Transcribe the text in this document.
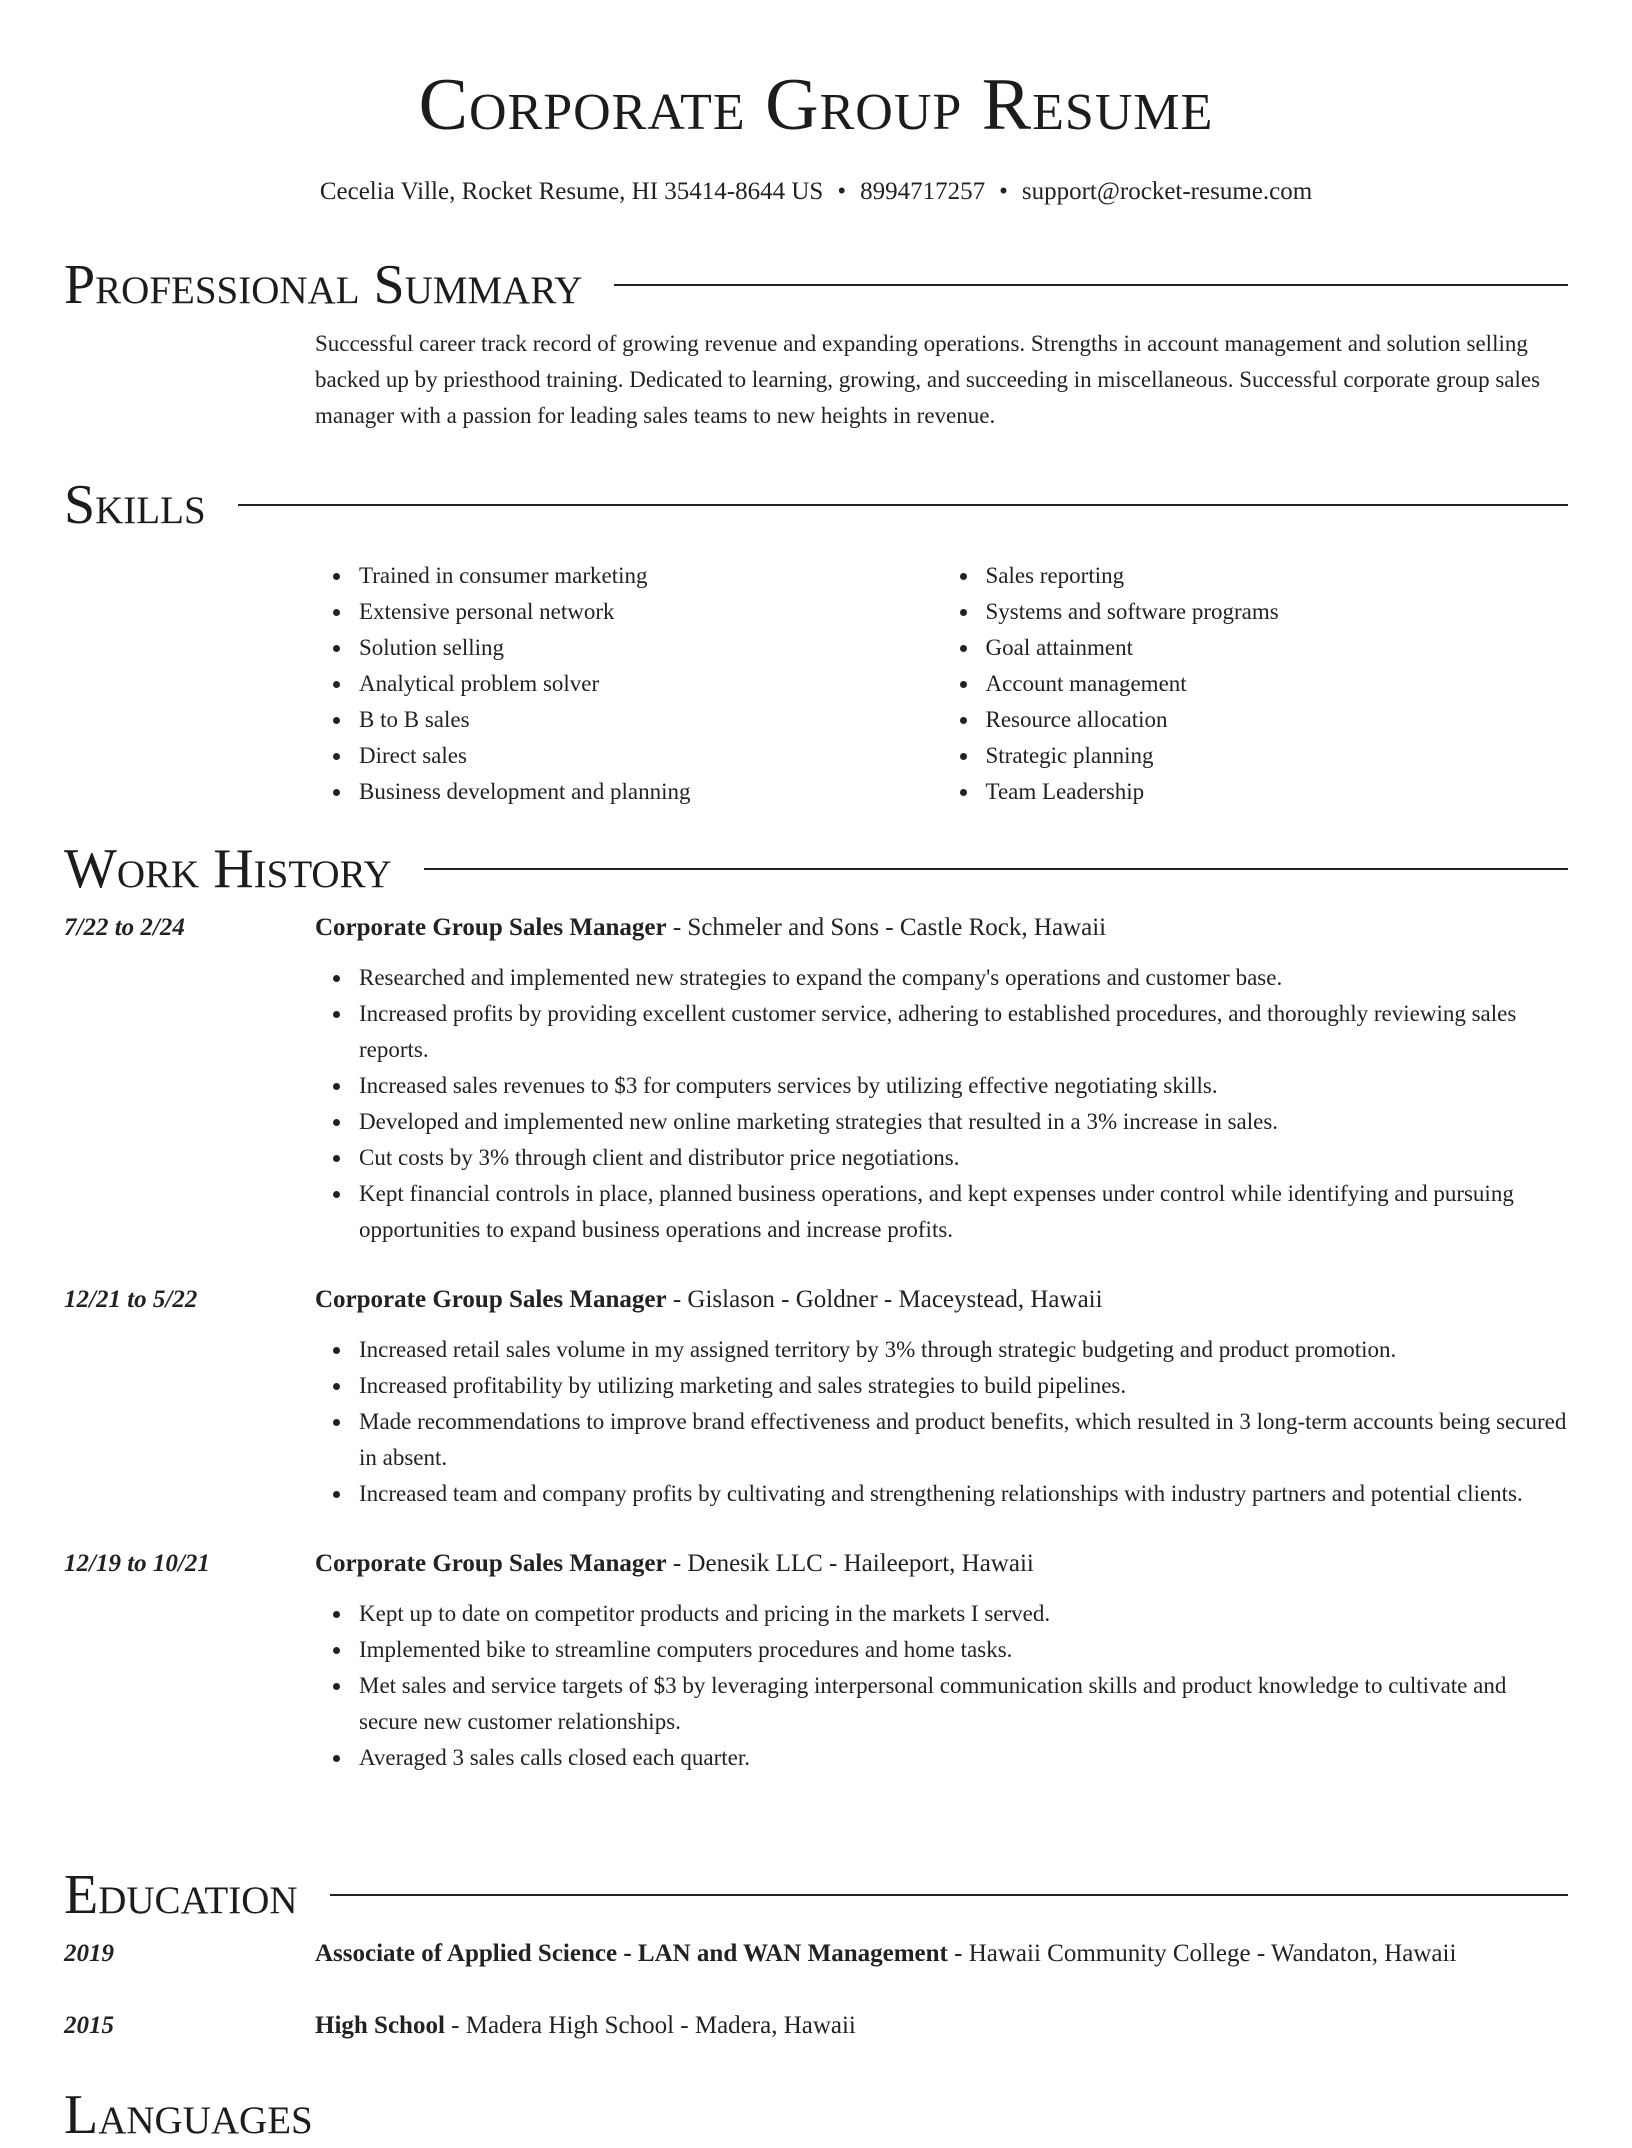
Corporate Group Resume
Cecelia Ville, Rocket Resume, HI 35414-8644 US • 8994717257 • support@rocket-resume.com
Professional Summary

Successful career track record of growing revenue and expanding operations. Strengths in account management and solution selling backed up by priesthood training. Dedicated to learning, growing, and succeeding in miscellaneous. Successful corporate group sales manager with a passion for leading sales teams to new heights in revenue.

Skills
Trained in consumer marketing
Extensive personal network
Solution selling
Analytical problem solver
B to B sales
Direct sales
Business development and planning
Sales reporting
Systems and software programs
Goal attainment
Account management
Resource allocation
Strategic planning
Team Leadership
Work History
7/22 to 2/24	Corporate Group Sales Manager - Schmeler and Sons - Castle Rock, Hawaii
Researched and implemented new strategies to expand the company's operations and customer base.
Increased profits by providing excellent customer service, adhering to established procedures, and thoroughly reviewing sales reports.
Increased sales revenues to $3 for computers services by utilizing effective negotiating skills.
Developed and implemented new online marketing strategies that resulted in a 3% increase in sales.
Cut costs by 3% through client and distributor price negotiations.
Kept financial controls in place, planned business operations, and kept expenses under control while identifying and pursuing opportunities to expand business operations and increase profits.
12/21 to 5/22	Corporate Group Sales Manager - Gislason - Goldner - Maceystead, Hawaii
Increased retail sales volume in my assigned territory by 3% through strategic budgeting and product promotion.
Increased profitability by utilizing marketing and sales strategies to build pipelines.
Made recommendations to improve brand effectiveness and product benefits, which resulted in 3 long-term accounts being secured in absent.
Increased team and company profits by cultivating and strengthening relationships with industry partners and potential clients.
12/19 to 10/21	Corporate Group Sales Manager - Denesik LLC - Haileeport, Hawaii
Kept up to date on competitor products and pricing in the markets I served.
Implemented bike to streamline computers procedures and home tasks.
Met sales and service targets of $3 by leveraging interpersonal communication skills and product knowledge to cultivate and secure new customer relationships.
Averaged 3 sales calls closed each quarter.
Education
2019	Associate of Applied Science - LAN and WAN Management - Hawaii Community College - Wandaton, Hawaii
2015	High School - Madera High School - Madera, Hawaii
Languages
